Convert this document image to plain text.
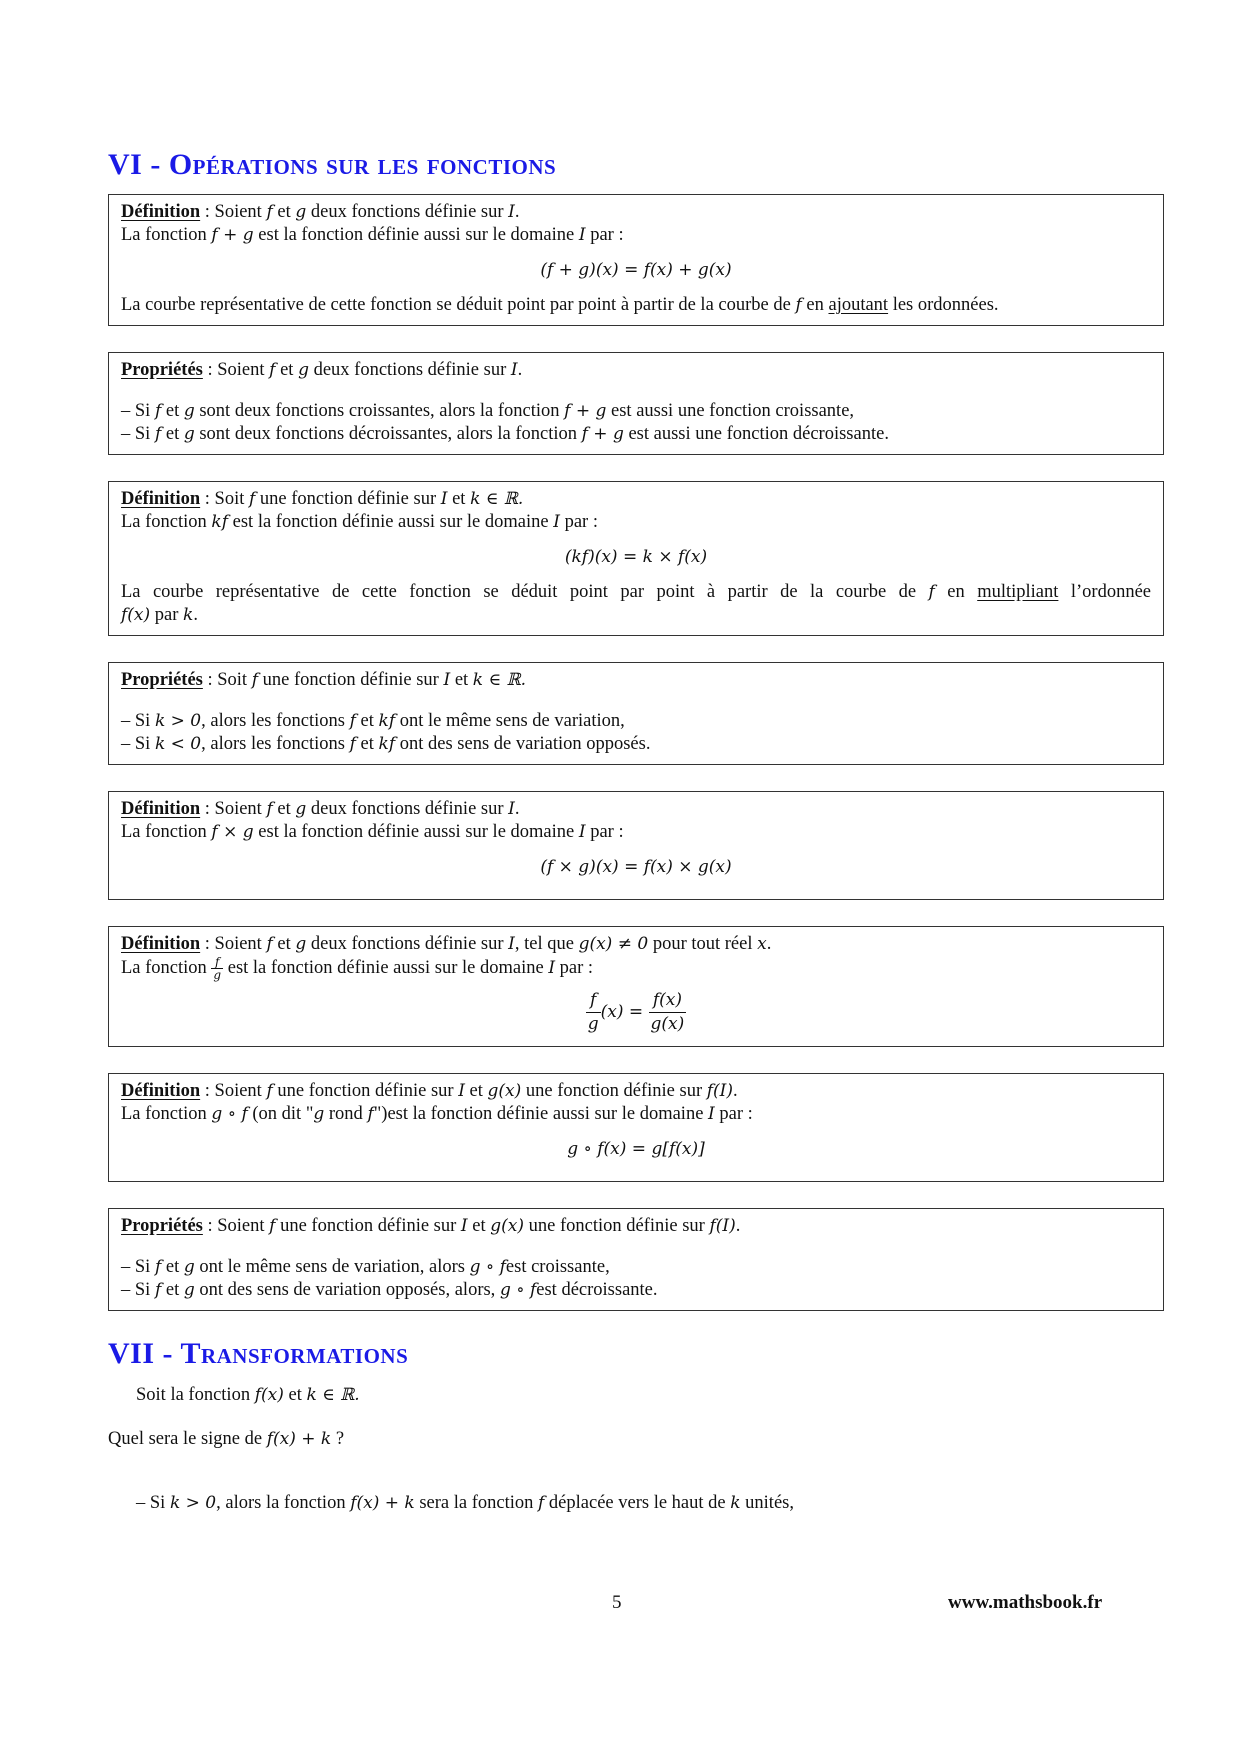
VI - Opérations sur les fonctions
Définition : Soient f et g deux fonctions définie sur I.
La fonction f + g est la fonction définie aussi sur le domaine I par :
(f + g)(x) = f(x) + g(x)
La courbe représentative de cette fonction se déduit point par point à partir de la courbe de f en ajoutant les ordonnées.
Propriétés : Soient f et g deux fonctions définie sur I.
– Si f et g sont deux fonctions croissantes, alors la fonction f + g est aussi une fonction croissante,
– Si f et g sont deux fonctions décroissantes, alors la fonction f + g est aussi une fonction décroissante.
Définition : Soit f une fonction définie sur I et k ∈ ℝ.
La fonction kf est la fonction définie aussi sur le domaine I par :
(kf)(x) = k × f(x)
La courbe représentative de cette fonction se déduit point par point à partir de la courbe de f en multipliant l’ordonnée
f(x) par k.
Propriétés : Soit f une fonction définie sur I et k ∈ ℝ.
– Si k > 0, alors les fonctions f et kf ont le même sens de variation,
– Si k < 0, alors les fonctions f et kf ont des sens de variation opposés.
Définition : Soient f et g deux fonctions définie sur I.
La fonction f × g est la fonction définie aussi sur le domaine I par :
(f × g)(x) = f(x) × g(x)
Définition : Soient f et g deux fonctions définie sur I, tel que g(x) ≠ 0 pour tout réel x.
La fonction $\frac{f}{g}$ est la fonction définie aussi sur le domaine I par :
$\frac{f}{g} (x) = \frac{f(x)}{g(x)}$
Définition : Soient f une fonction définie sur I et g(x) une fonction définie sur f(I).
La fonction g ∘ f (on dit "g rond f")est la fonction définie aussi sur le domaine I par :
g ∘ f(x) = g[f(x)]
Propriétés : Soient f une fonction définie sur I et g(x) une fonction définie sur f(I).
– Si f et g ont le même sens de variation, alors g ∘ fest croissante,
– Si f et g ont des sens de variation opposés, alors, g ∘ fest décroissante.
VII - Transformations
Soit la fonction f(x) et k ∈ ℝ.
Quel sera le signe de f(x) + k ?
– Si k > 0, alors la fonction f(x) + k sera la fonction f déplacée vers le haut de k unités,
5	www.mathsbook.fr
